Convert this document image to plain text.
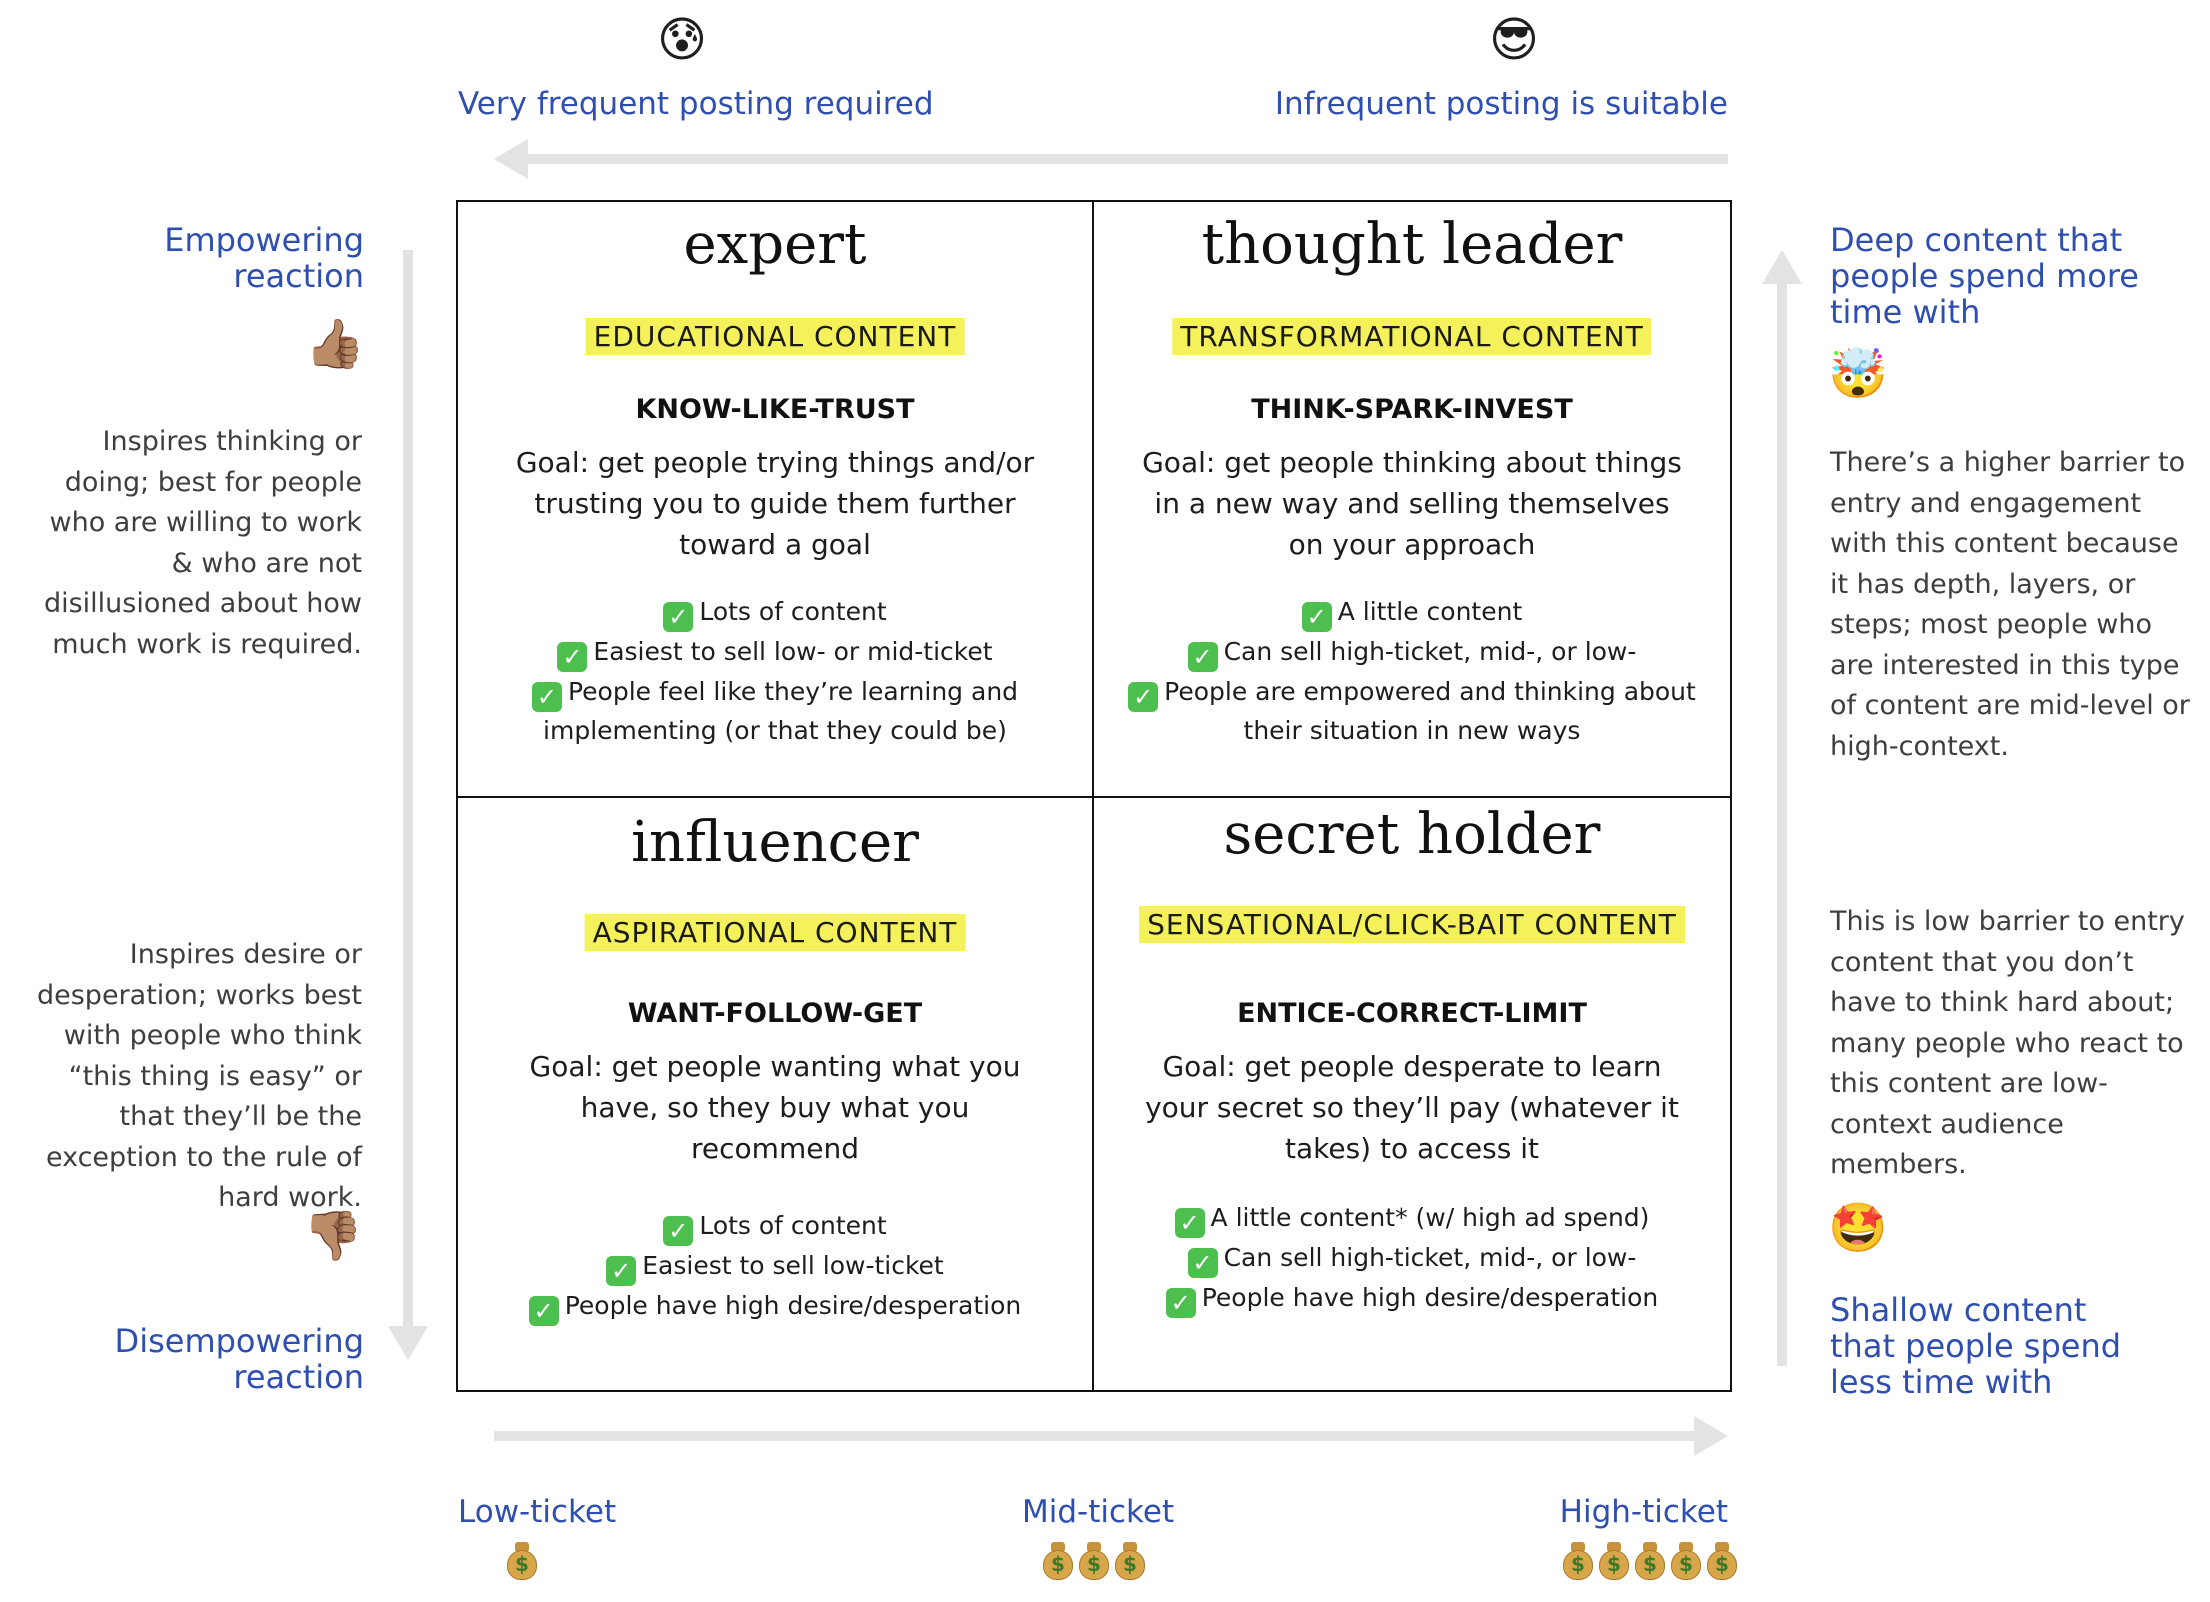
😰	😎
Very frequent posting required	Infrequent posting is suitable
Empowering reaction
👍🏽
Inspires thinking or doing; best for people who are willing to work & who are not disillusioned about how much work is required.
Inspires desire or desperation; works best with people who think “this thing is easy” or that they’ll be the exception to the rule of hard work.
👎🏽
Disempowering reaction
Deep content that people spend more time with
🤯
There’s a higher barrier to entry and engagement with this content because it has depth, layers, or steps; most people who are interested in this type of content are mid-level or high-context.
This is low barrier to entry content that you don’t have to think hard about; many people who react to this content are low-context audience members.
🤩
Shallow content that people spend less time with
expert
EDUCATIONAL CONTENT
KNOW-LIKE-TRUST
Goal: get people trying things and/or trusting you to guide them further toward a goal
✓ Lots of content
✓ Easiest to sell low- or mid-ticket
✓ People feel like they’re learning and
implementing (or that they could be)
thought leader
TRANSFORMATIONAL CONTENT
THINK-SPARK-INVEST
Goal: get people thinking about things in a new way and selling themselves on your approach
✓ A little content
✓ Can sell high-ticket, mid-, or low-
✓ People are empowered and thinking about
their situation in new ways
influencer
ASPIRATIONAL CONTENT
WANT-FOLLOW-GET
Goal: get people wanting what you have, so they buy what you recommend
✓ Lots of content
✓ Easiest to sell low-ticket
✓ People have high desire/desperation
secret holder
SENSATIONAL/CLICK-BAIT CONTENT
ENTICE-CORRECT-LIMIT
Goal: get people desperate to learn your secret so they’ll pay (whatever it takes) to access it
✓ A little content* (w/ high ad spend)
✓ Can sell high-ticket, mid-, or low-
✓ People have high desire/desperation
Low-ticket	Mid-ticket	High-ticket
$	$	$	$	$	$	$	$	$
